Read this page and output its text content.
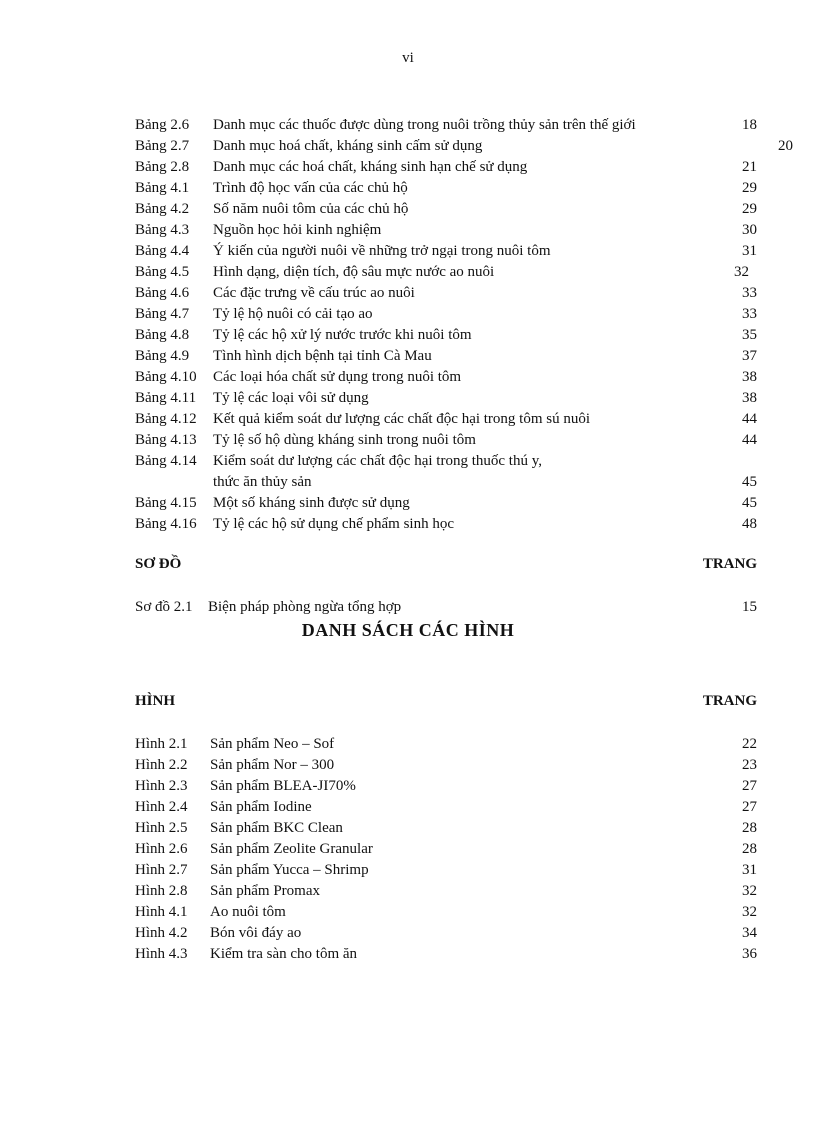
vi
Bảng 2.6 Danh mục các thuốc được dùng trong nuôi trồng thủy sản trên thế giới	18
Bảng 2.7 Danh mục hoá chất, kháng sinh cấm sử dụng	20
Bảng 2.8 Danh mục các hoá chất, kháng sinh hạn chế sử dụng	21
Bảng 4.1 Trình độ học vấn của các chủ hộ	29
Bảng 4.2 Số năm nuôi tôm của các chủ hộ	29
Bảng 4.3 Nguồn học hỏi kinh nghiệm	30
Bảng 4.4 Ý kiến của người nuôi về những trở ngại trong nuôi tôm	31
Bảng 4.5 Hình dạng, diện tích, độ sâu mực nước ao nuôi	32
Bảng 4.6 Các đặc trưng về cấu trúc ao nuôi	33
Bảng 4.7 Tỷ lệ hộ nuôi có cải tạo ao	33
Bảng 4.8 Tỷ lệ các hộ xử lý nước trước khi nuôi tôm	35
Bảng 4.9 Tình hình dịch bệnh tại tỉnh Cà Mau	37
Bảng 4.10 Các loại hóa chất sử dụng trong nuôi tôm	38
Bảng 4.11 Tỷ lệ các loại vôi sử dụng	38
Bảng 4.12 Kết quả kiểm soát dư lượng các chất độc hại trong tôm sú nuôi	44
Bảng 4.13 Tỷ lệ số hộ dùng kháng sinh trong nuôi tôm	44
Bảng 4.14 Kiểm soát dư lượng các chất độc hại trong thuốc thú y,
thức ăn thủy sản	45
Bảng 4.15 Một số kháng sinh được sử dụng	45
Bảng 4.16 Tỷ lệ các hộ sử dụng chế phẩm sinh học	48
SƠ ĐỒ	TRANG
Sơ đồ 2.1 Biện pháp phòng ngừa tổng hợp	15
DANH SÁCH CÁC HÌNH
HÌNH	TRANG
Hình 2.1 Sản phẩm Neo – Sof	22
Hình 2.2 Sản phẩm Nor – 300	23
Hình 2.3 Sản phẩm BLEA-JI70%	27
Hình 2.4 Sản phẩm Iodine	27
Hình 2.5 Sản phẩm BKC Clean	28
Hình 2.6 Sản phẩm Zeolite Granular	28
Hình 2.7 Sản phẩm Yucca – Shrimp	31
Hình 2.8 Sản phẩm Promax	32
Hình 4.1 Ao nuôi tôm	32
Hình 4.2 Bón vôi đáy ao	34
Hình 4.3 Kiểm tra sàn cho tôm ăn	36
